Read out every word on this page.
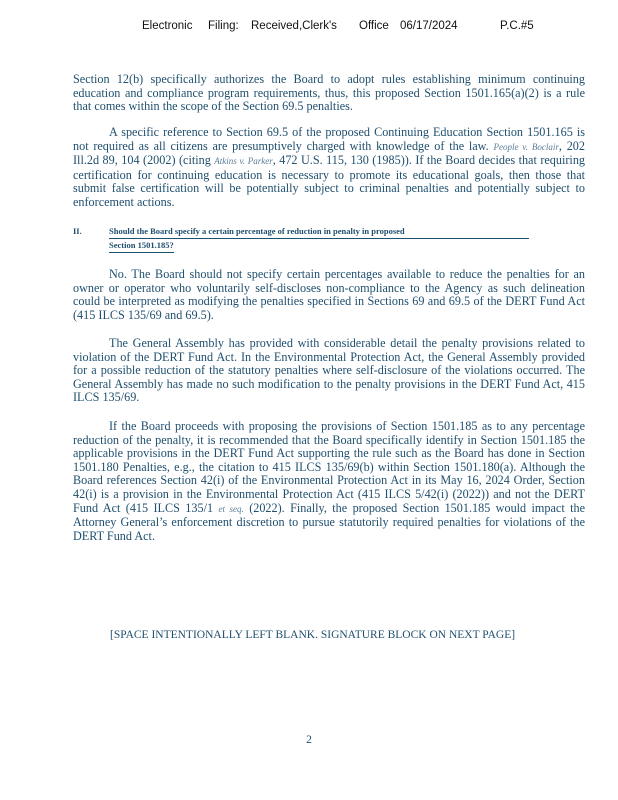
Electronic Filing: Received,Clerk's Office 06/17/2024	P.C.#5

Section 12(b) specifically authorizes the Board to adopt rules establishing minimum continuing education and compliance program requirements, thus, this proposed Section 1501.165(a)(2) is a rule that comes within the scope of the Section 69.5 penalties.

A specific reference to Section 69.5 of the proposed Continuing Education Section 1501.165 is not required as all citizens are presumptively charged with knowledge of the law. People v. Boclair, 202 Ill.2d 89, 104 (2002) (citing Atkins v. Parker, 472 U.S. 115, 130 (1985)). If the Board decides that requiring certification for continuing education is necessary to promote its educational goals, then those that submit false certification will be potentially subject to criminal penalties and potentially subject to enforcement actions.

II.	Should the Board specify a certain percentage of reduction in penalty in proposed
Section 1501.185?

No. The Board should not specify certain percentages available to reduce the penalties for an owner or operator who voluntarily self-discloses non-compliance to the Agency as such delineation could be interpreted as modifying the penalties specified in Sections 69 and 69.5 of the DERT Fund Act (415 ILCS 135/69 and 69.5).

The General Assembly has provided with considerable detail the penalty provisions related to violation of the DERT Fund Act. In the Environmental Protection Act, the General Assembly provided for a possible reduction of the statutory penalties where self-disclosure of the violations occurred. The General Assembly has made no such modification to the penalty provisions in the DERT Fund Act, 415 ILCS 135/69.

If the Board proceeds with proposing the provisions of Section 1501.185 as to any percentage reduction of the penalty, it is recommended that the Board specifically identify in Section 1501.185 the applicable provisions in the DERT Fund Act supporting the rule such as the Board has done in Section 1501.180 Penalties, e.g., the citation to 415 ILCS 135/69(b) within Section 1501.180(a). Although the Board references Section 42(i) of the Environmental Protection Act in its May 16, 2024 Order, Section 42(i) is a provision in the Environmental Protection Act (415 ILCS 5/42(i) (2022)) and not the DERT Fund Act (415 ILCS 135/1 et seq. (2022). Finally, the proposed Section 1501.185 would impact the Attorney General’s enforcement discretion to pursue statutorily required penalties for violations of the DERT Fund Act.

[SPACE INTENTIONALLY LEFT BLANK. SIGNATURE BLOCK ON NEXT PAGE]
2
